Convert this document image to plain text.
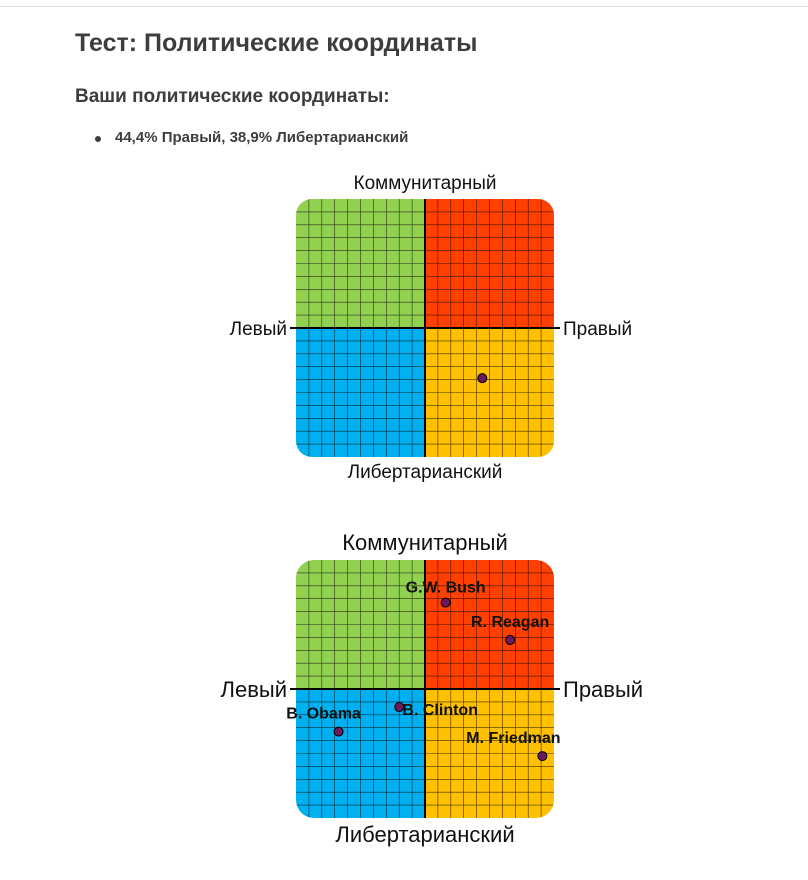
Тест: Политические координаты
Ваши политические координаты:
44,4% Правый, 38,9% Либертарианский
Коммунитарный
Либертарианский
Левый	Правый
Коммунитарный
Либертарианский
Левый	Правый
G.W. Bush
R. Reagan
B. Clinton
B. Obama
M. Friedman
